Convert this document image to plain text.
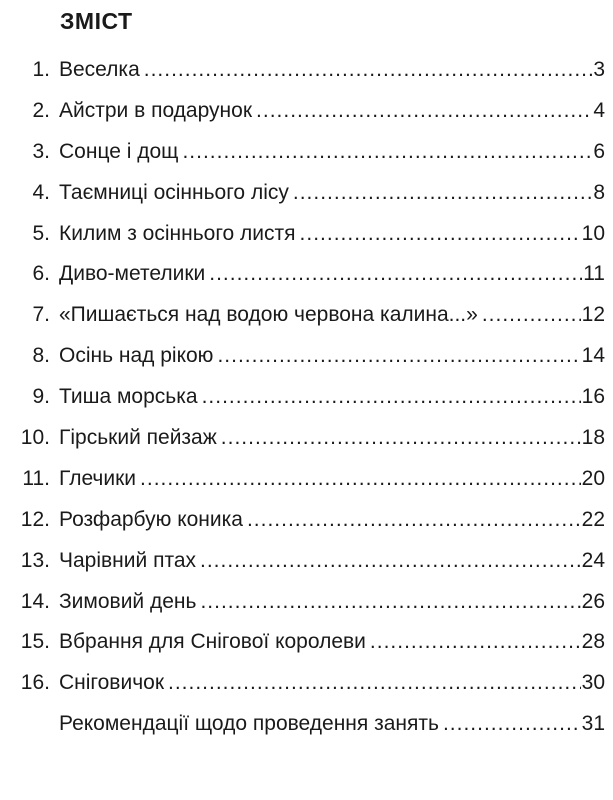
ЗМІСТ
1. Веселка .....	3
2. Айстри в подарунок .....	4
3. Сонце і дощ .....	6
4. Таємниці осіннього лісу .....	8
5. Килим з осіннього листя .....	10
6. Диво-метелики .....	11
7. «Пишається над водою червона калина...» .....	12
8. Осінь над рікою .....	14
9. Тиша морська .....	16
10. Гірський пейзаж .....	18
11. Глечики .....	20
12. Розфарбую коника .....	22
13. Чарівний птах .....	24
14. Зимовий день .....	26
15. Вбрання для Снігової королеви .....	28
16. Сніговичок .....	30
Рекомендації щодо проведення занять .....	31
